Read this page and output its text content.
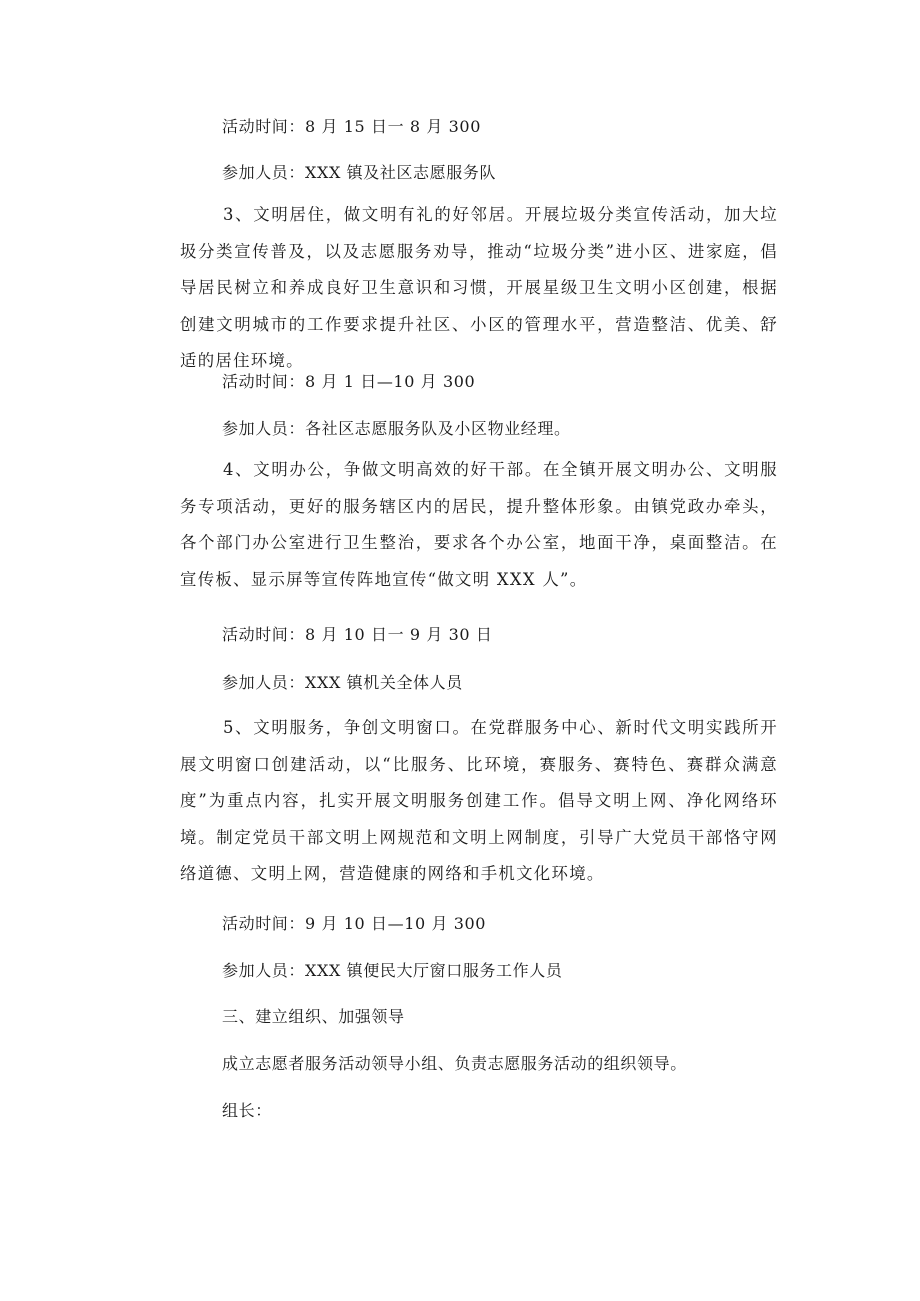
活动时间：8 月 15 日一 8 月 300
参加人员：XXX 镇及社区志愿服务队

3、文明居住，做文明有礼的好邻居。开展垃圾分类宣传活动，加大垃圾分类宣传普及，以及志愿服务劝导，推动“垃圾分类”进小区、进家庭，倡导居民树立和养成良好卫生意识和习惯，开展星级卫生文明小区创建，根据创建文明城市的工作要求提升社区、小区的管理水平，营造整洁、优美、舒适的居住环境。

活动时间：8 月 1 日—10 月 300
参加人员：各社区志愿服务队及小区物业经理。

4、文明办公，争做文明高效的好干部。在全镇开展文明办公、文明服务专项活动，更好的服务辖区内的居民，提升整体形象。由镇党政办牵头，各个部门办公室进行卫生整治，要求各个办公室，地面干净，桌面整洁。在宣传板、显示屏等宣传阵地宣传“做文明 XXX 人”。

活动时间：8 月 10 日一 9 月 30 日
参加人员：XXX 镇机关全体人员

5、文明服务，争创文明窗口。在党群服务中心、新时代文明实践所开展文明窗口创建活动，以“比服务、比环境，赛服务、赛特色、赛群众满意度”为重点内容，扎实开展文明服务创建工作。倡导文明上网、净化网络环境。制定党员干部文明上网规范和文明上网制度，引导广大党员干部恪守网络道德、文明上网，营造健康的网络和手机文化环境。

活动时间：9 月 10 日—10 月 300
参加人员：XXX 镇便民大厅窗口服务工作人员
三、建立组织、加强领导
成立志愿者服务活动领导小组、负责志愿服务活动的组织领导。
组长：
